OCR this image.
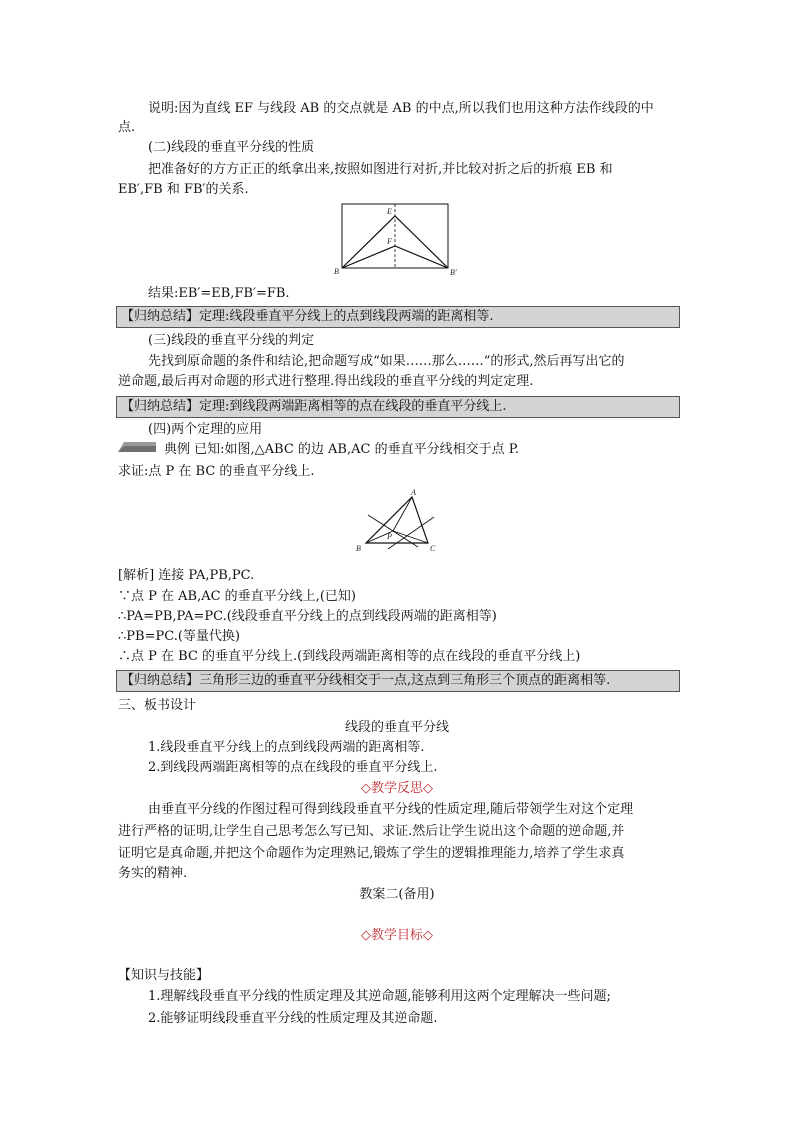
说明:因为直线 EF 与线段 AB 的交点就是 AB 的中点,所以我们也用这种方法作线段的中
点.
(二)线段的垂直平分线的性质
把准备好的方方正正的纸拿出来,按照如图进行对折,并比较对折之后的折痕 EB 和
EB′,FB 和 FB′的关系.
E
F
B	B′
结果:EB′=EB,FB′=FB.
【归纳总结】定理:线段垂直平分线上的点到线段两端的距离相等.
(三)线段的垂直平分线的判定
先找到原命题的条件和结论,把命题写成“如果……那么……”的形式,然后再写出它的
逆命题,最后再对命题的形式进行整理.得出线段的垂直平分线的判定定理.
【归纳总结】定理:到线段两端距离相等的点在线段的垂直平分线上.
(四)两个定理的应用
典例 已知:如图,△ABC 的边 AB,AC 的垂直平分线相交于点 P.
求证:点 P 在 BC 的垂直平分线上.
A
B	C
P
[解析] 连接 PA,PB,PC.
∵点 P 在 AB,AC 的垂直平分线上,(已知)
∴PA=PB,PA=PC.(线段垂直平分线上的点到线段两端的距离相等)
∴PB=PC.(等量代换)
∴点 P 在 BC 的垂直平分线上.(到线段两端距离相等的点在线段的垂直平分线上)
【归纳总结】三角形三边的垂直平分线相交于一点,这点到三角形三个顶点的距离相等.
三、板书设计
线段的垂直平分线
1.线段垂直平分线上的点到线段两端的距离相等.
2.到线段两端距离相等的点在线段的垂直平分线上.
◇教学反思◇
由垂直平分线的作图过程可得到线段垂直平分线的性质定理,随后带领学生对这个定理
进行严格的证明,让学生自己思考怎么写已知、求证.然后让学生说出这个命题的逆命题,并
证明它是真命题,并把这个命题作为定理熟记,锻炼了学生的逻辑推理能力,培养了学生求真
务实的精神.
教案二(备用)
◇教学目标◇
【知识与技能】
1.理解线段垂直平分线的性质定理及其逆命题,能够利用这两个定理解决一些问题;
2.能够证明线段垂直平分线的性质定理及其逆命题.
